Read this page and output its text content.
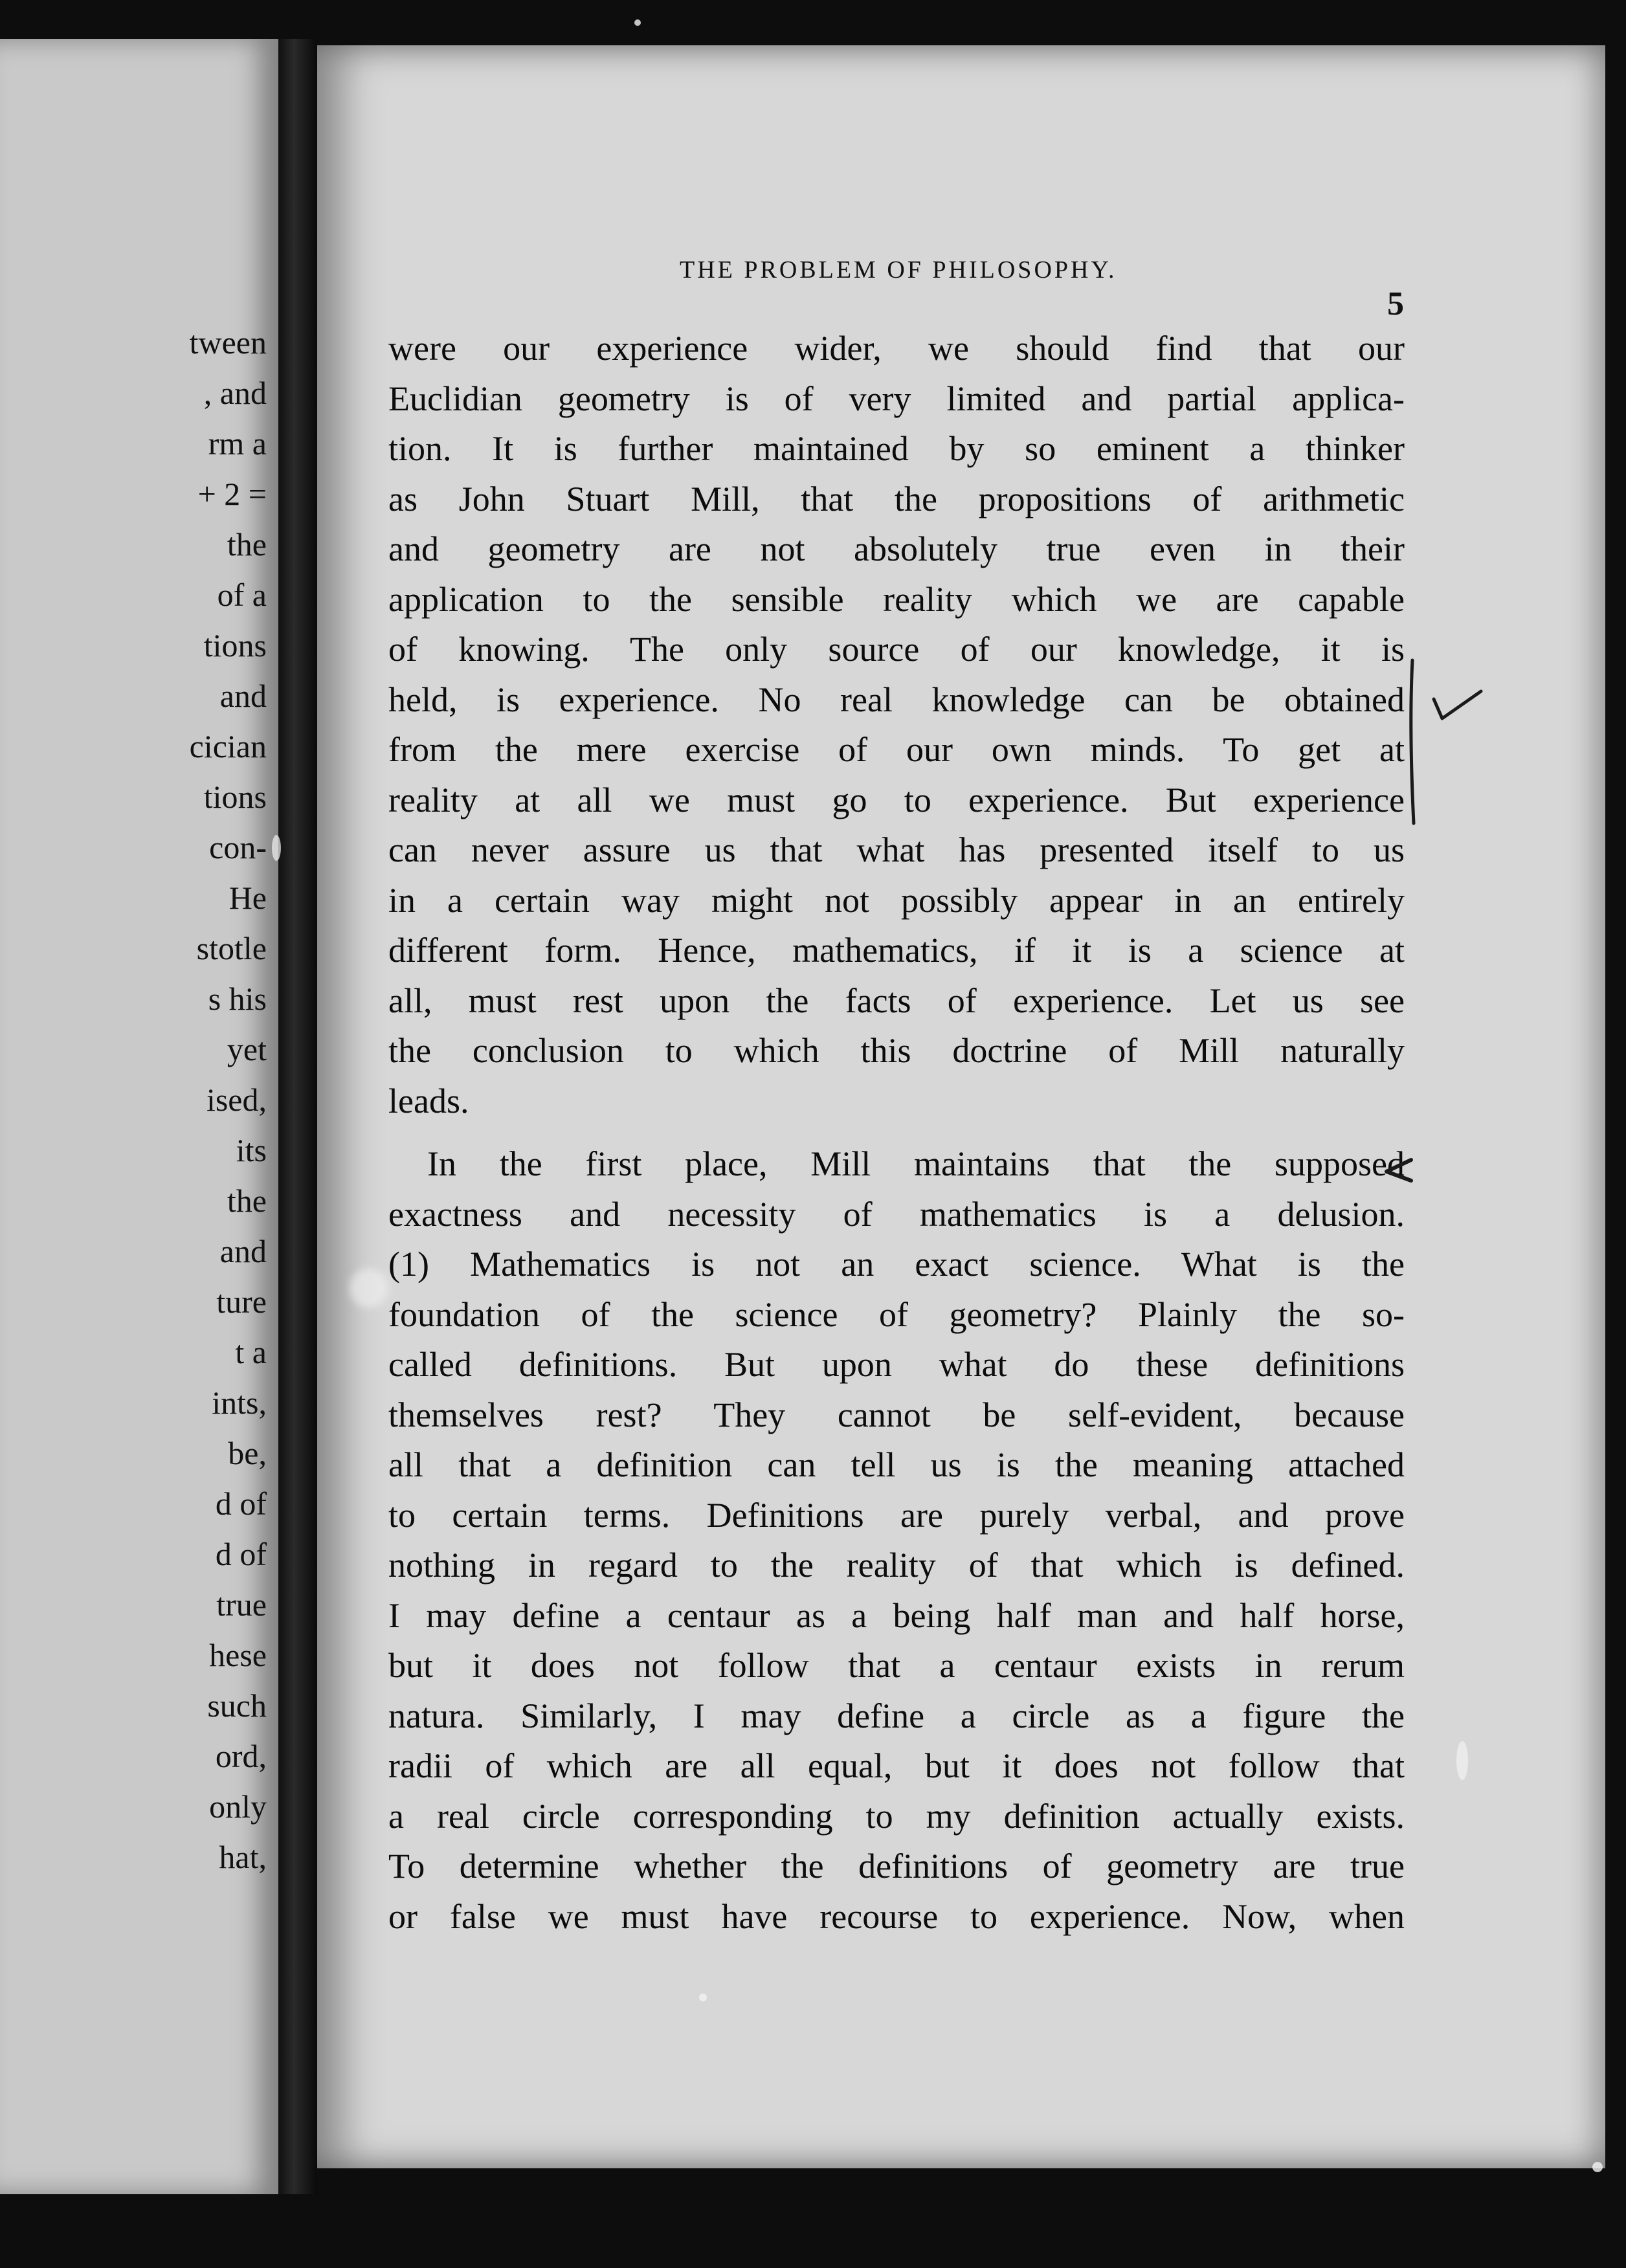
tween
, and
rm a
+ 2 =
the
of a
tions
and
cician
tions
con-
He
stotle
s his
yet
ised,
its
the
and
ture
t a
ints,
be,
d of
d of
true
hese
such
ord,
only
hat,
THE PROBLEM OF PHILOSOPHY.
5
were our experience wider, we should find that our
Euclidian geometry is of very limited and partial applica-
tion. It is further maintained by so eminent a thinker
as John Stuart Mill, that the propositions of arithmetic
and geometry are not absolutely true even in their
application to the sensible reality which we are capable
of knowing. The only source of our knowledge, it is
held, is experience. No real knowledge can be obtained
from the mere exercise of our own minds. To get at
reality at all we must go to experience. But experience
can never assure us that what has presented itself to us
in a certain way might not possibly appear in an entirely
different form. Hence, mathematics, if it is a science at
all, must rest upon the facts of experience. Let us see
the conclusion to which this doctrine of Mill naturally
leads.
In the first place, Mill maintains that the supposed
exactness and necessity of mathematics is a delusion.
(1) Mathematics is not an exact science. What is the
foundation of the science of geometry? Plainly the so-
called definitions. But upon what do these definitions
themselves rest? They cannot be self-evident, because
all that a definition can tell us is the meaning attached
to certain terms. Definitions are purely verbal, and prove
nothing in regard to the reality of that which is defined.
I may define a centaur as a being half man and half horse,
but it does not follow that a centaur exists in rerum
natura. Similarly, I may define a circle as a figure the
radii of which are all equal, but it does not follow that
a real circle corresponding to my definition actually exists.
To determine whether the definitions of geometry are true
or false we must have recourse to experience. Now, when
